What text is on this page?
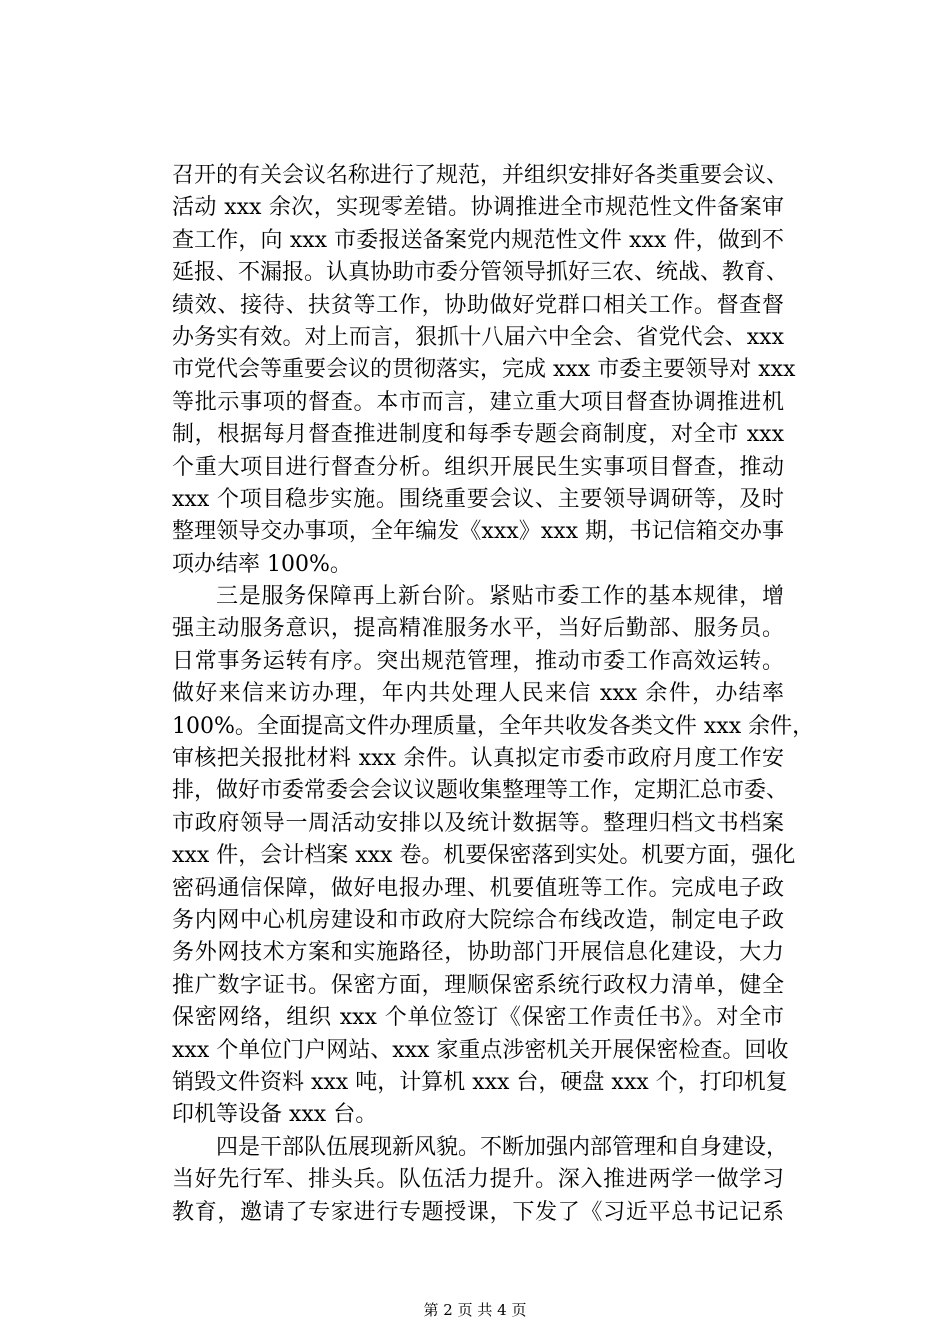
召开的有关会议名称进行了规范，并组织安排好各类重要会议、
活动 xxx 余次，实现零差错。协调推进全市规范性文件备案审
查工作，向 xxx 市委报送备案党内规范性文件 xxx 件，做到不
延报、不漏报。认真协助市委分管领导抓好三农、统战、教育、
绩效、接待、扶贫等工作，协助做好党群口相关工作。督查督
办务实有效。对上而言，狠抓十八届六中全会、省党代会、xxx
市党代会等重要会议的贯彻落实，完成 xxx 市委主要领导对 xxx
等批示事项的督查。本市而言，建立重大项目督查协调推进机
制，根据每月督查推进制度和每季专题会商制度，对全市 xxx
个重大项目进行督查分析。组织开展民生实事项目督查，推动
xxx 个项目稳步实施。围绕重要会议、主要领导调研等，及时
整理领导交办事项，全年编发《xxx》xxx 期，书记信箱交办事
项办结率 100%。
三是服务保障再上新台阶。紧贴市委工作的基本规律，增
强主动服务意识，提高精准服务水平，当好后勤部、服务员。
日常事务运转有序。突出规范管理，推动市委工作高效运转。
做好来信来访办理，年内共处理人民来信 xxx 余件，办结率
100%。全面提高文件办理质量，全年共收发各类文件 xxx 余件，
审核把关报批材料 xxx 余件。认真拟定市委市政府月度工作安
排，做好市委常委会会议议题收集整理等工作，定期汇总市委、
市政府领导一周活动安排以及统计数据等。整理归档文书档案
xxx 件，会计档案 xxx 卷。机要保密落到实处。机要方面，强化
密码通信保障，做好电报办理、机要值班等工作。完成电子政
务内网中心机房建设和市政府大院综合布线改造，制定电子政
务外网技术方案和实施路径，协助部门开展信息化建设，大力
推广数字证书。保密方面，理顺保密系统行政权力清单，健全
保密网络，组织 xxx 个单位签订《保密工作责任书》。对全市
xxx 个单位门户网站、xxx 家重点涉密机关开展保密检查。回收
销毁文件资料 xxx 吨，计算机 xxx 台，硬盘 xxx 个，打印机复
印机等设备 xxx 台。
四是干部队伍展现新风貌。不断加强内部管理和自身建设，
当好先行军、排头兵。队伍活力提升。深入推进两学一做学习
教育，邀请了专家进行专题授课，下发了《习近平总书记记系
第 2 页 共 4 页
